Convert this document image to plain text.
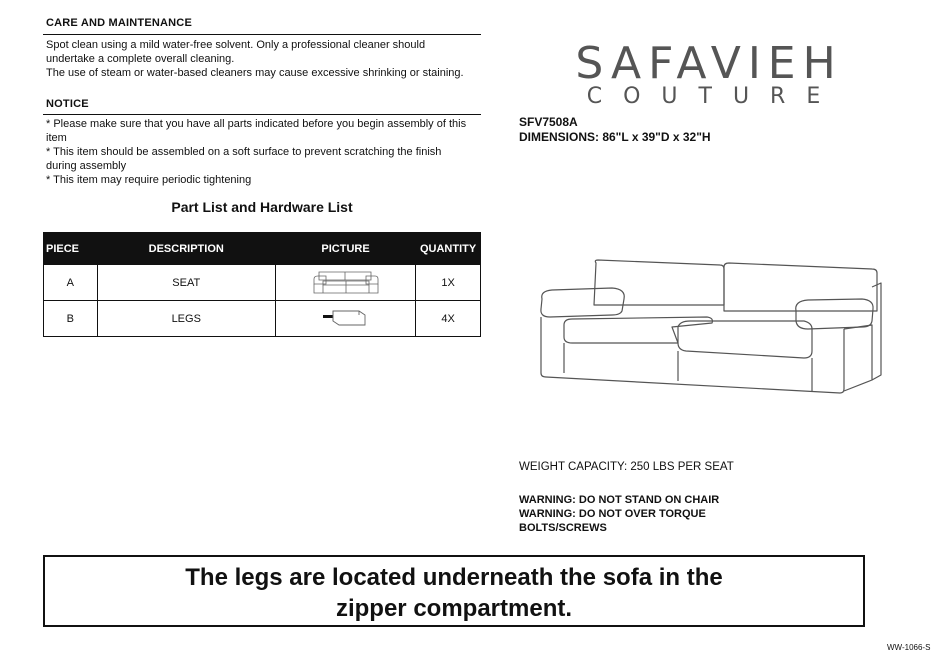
CARE AND MAINTENANCE
Spot clean using a mild water-free solvent. Only a professional cleaner should
undertake a complete overall cleaning.
The use of steam or water-based cleaners may cause excessive shrinking or staining.
NOTICE
* Please make sure that you have all parts indicated before you begin assembly of this
item
* This item should be assembled on a soft surface to prevent scratching the finish
during assembly
* This item may require periodic tightening
Part List and Hardware List
PIECE	DESCRIPTION	PICTURE	QUANTITY
A	SEAT		1X
B	LEGS		4X
SAFAVIEH
COUTURE
SFV7508A
DIMENSIONS: 86"L x 39"D x 32"H
WEIGHT CAPACITY: 250 LBS PER SEAT
WARNING: DO NOT STAND ON CHAIR
WARNING: DO NOT OVER TORQUE
BOLTS/SCREWS
The legs are located underneath the sofa in the
zipper compartment.
WW-1066-S
